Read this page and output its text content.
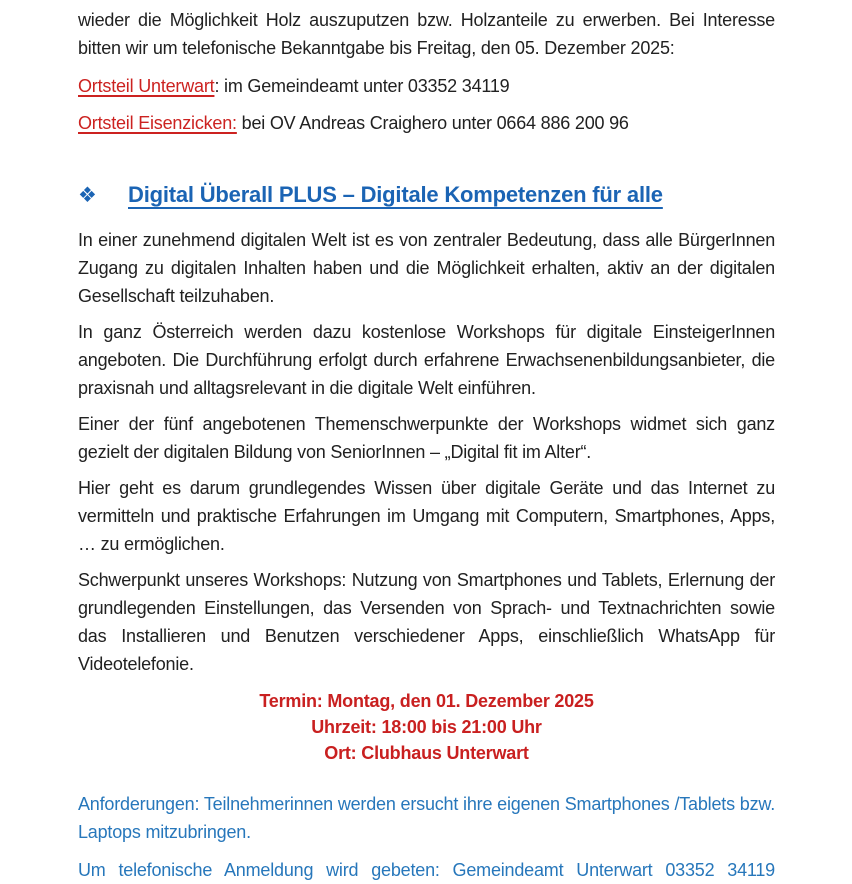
wieder die Möglichkeit Holz auszuputzen bzw. Holzanteile zu erwerben. Bei Interesse bitten wir um telefonische Bekanntgabe bis Freitag, den 05. Dezember 2025:

Ortsteil Unterwart: im Gemeindeamt unter 03352 34119

Ortsteil Eisenzicken: bei OV Andreas Craighero unter 0664 886 200 96

❖	Digital Überall PLUS – Digitale Kompetenzen für alle

In einer zunehmend digitalen Welt ist es von zentraler Bedeutung, dass alle BürgerInnen Zugang zu digitalen Inhalten haben und die Möglichkeit erhalten, aktiv an der digitalen Gesellschaft teilzuhaben.

In ganz Österreich werden dazu kostenlose Workshops für digitale EinsteigerInnen angeboten. Die Durchführung erfolgt durch erfahrene Erwachsenenbildungsanbieter, die praxisnah und alltagsrelevant in die digitale Welt einführen.

Einer der fünf angebotenen Themenschwerpunkte der Workshops widmet sich ganz gezielt der digitalen Bildung von SeniorInnen – „Digital fit im Alter“.

Hier geht es darum grundlegendes Wissen über digitale Geräte und das Internet zu vermitteln und praktische Erfahrungen im Umgang mit Computern, Smartphones, Apps, … zu ermöglichen.

Schwerpunkt unseres Workshops: Nutzung von Smartphones und Tablets, Erlernung der grundlegenden Einstellungen, das Versenden von Sprach- und Textnachrichten sowie das Installieren und Benutzen verschiedener Apps, einschließlich WhatsApp für Videotelefonie.

Termin: Montag, den 01. Dezember 2025
Uhrzeit: 18:00 bis 21:00 Uhr
Ort: Clubhaus Unterwart

Anforderungen: Teilnehmerinnen werden ersucht ihre eigenen Smartphones /Tablets bzw. Laptops mitzubringen.

Um telefonische Anmeldung wird gebeten: Gemeindeamt Unterwart 03352 34119
